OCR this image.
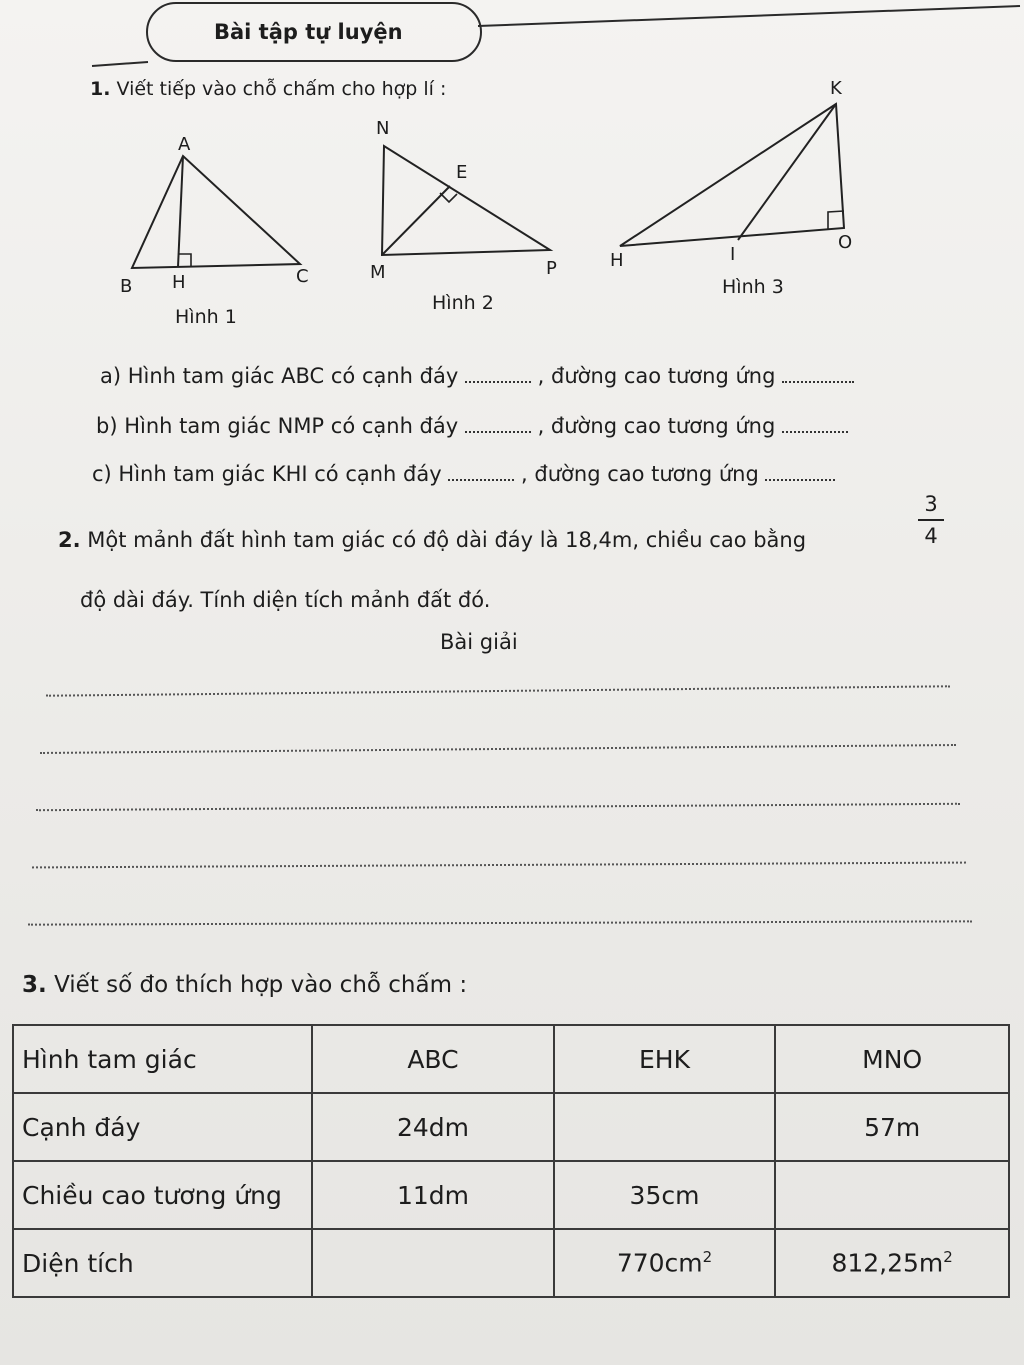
Bài tập tự luyện
1. Viết tiếp vào chỗ chấm cho hợp lí :
A
B H	C
Hình 1
N
E
M	P
Hình 2
K
H	I
O
Hình 3
a) Hình tam giác ABC có cạnh đáy	, đường cao tương ứng
b) Hình tam giác NMP có cạnh đáy	, đường cao tương ứng
c) Hình tam giác KHI có cạnh đáy	, đường cao tương ứng
2. Một mảnh đất hình tam giác có độ dài đáy là 18,4m, chiều cao bằng
3
4
độ dài đáy. Tính diện tích mảnh đất đó.
Bài giải
3. Viết số đo thích hợp vào chỗ chấm :
Hình tam giác	ABC	EHK	MNO
Cạnh đáy	24dm		57m
Chiều cao tương ứng	11dm	35cm	
Diện tích		$770cm^2$	$812,25m^2$
